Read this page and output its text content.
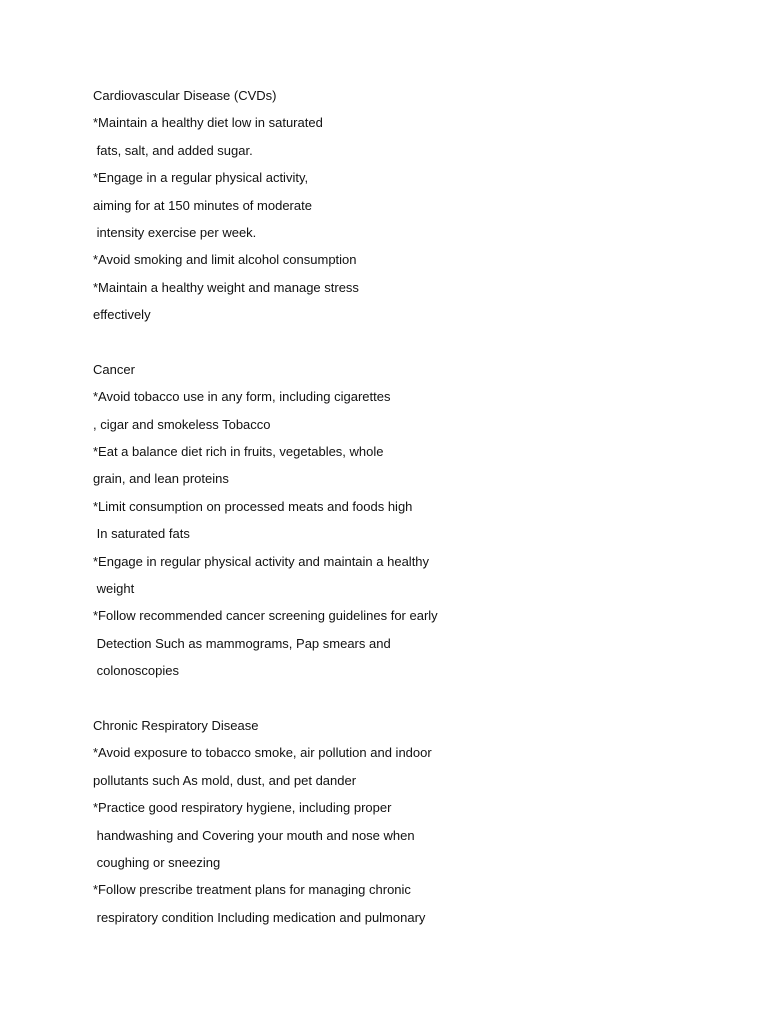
Cardiovascular Disease (CVDs)
*Maintain a healthy diet low in saturated
fats, salt, and added sugar.
*Engage in a regular physical activity,
aiming for at 150 minutes of moderate
intensity exercise per week.
*Avoid smoking and limit alcohol consumption
*Maintain a healthy weight and manage stress
effectively
Cancer
*Avoid tobacco use in any form, including cigarettes
, cigar and smokeless Tobacco
*Eat a balance diet rich in fruits, vegetables, whole
grain, and lean proteins
*Limit consumption on processed meats and foods high
In saturated fats
*Engage in regular physical activity and maintain a healthy
weight
*Follow recommended cancer screening guidelines for early
Detection Such as mammograms, Pap smears and
colonoscopies
Chronic Respiratory Disease
*Avoid exposure to tobacco smoke, air pollution and indoor
pollutants such As mold, dust, and pet dander
*Practice good respiratory hygiene, including proper
handwashing and Covering your mouth and nose when
coughing or sneezing
*Follow prescribe treatment plans for managing chronic
respiratory condition Including medication and pulmonary
